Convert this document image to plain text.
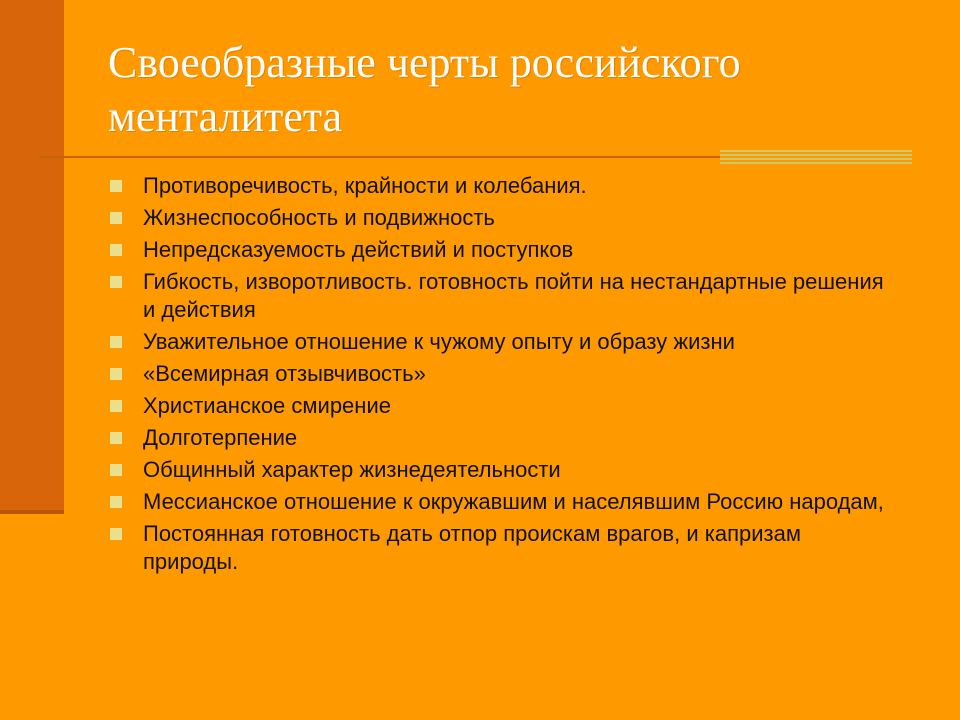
Своеобразные черты российского менталитета
Противоречивость, крайности и колебания.
Жизнеспособность и подвижность
Непредсказуемость действий и поступков
Гибкость, изворотливость. готовность пойти на нестандартные решения и действия
Уважительное отношение к чужому опыту и образу жизни
«Всемирная отзывчивость»
Христианское смирение
Долготерпение
Общинный характер жизнедеятельности
Мессианское отношение к окружавшим и населявшим Россию народам,
Постоянная готовность дать отпор проискам врагов, и капризам природы.
